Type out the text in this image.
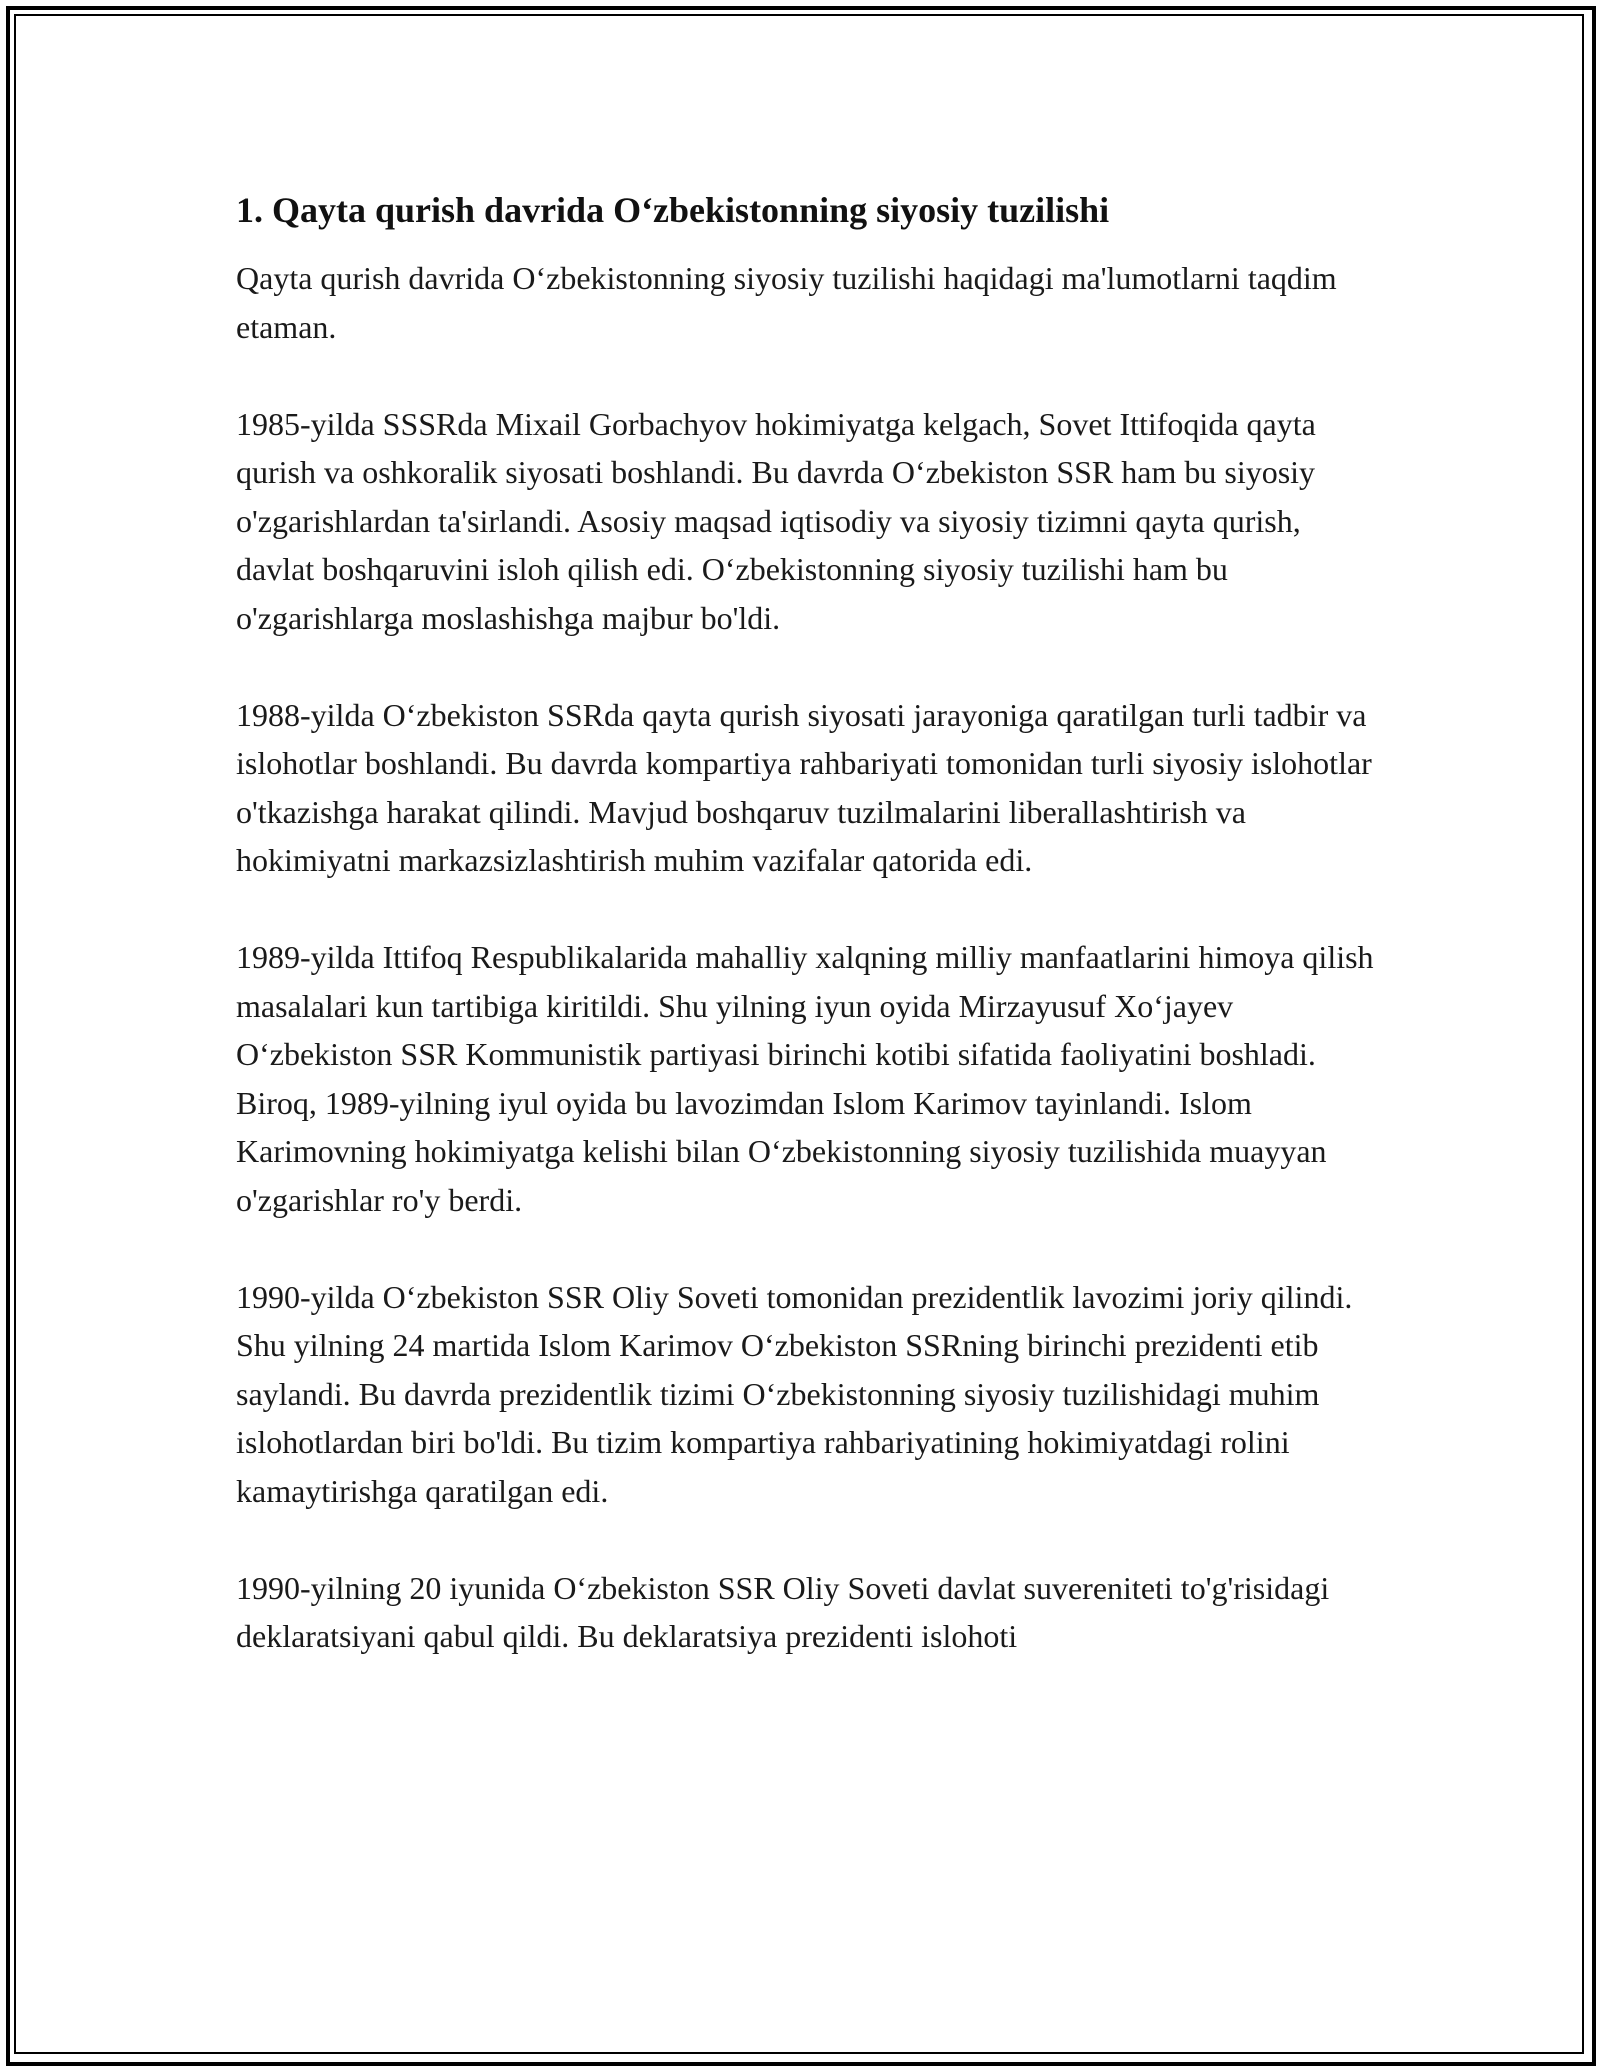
1. Qayta qurish davrida O‘zbekistonning siyosiy tuzilishi

Qayta qurish davrida O‘zbekistonning siyosiy tuzilishi haqidagi ma'lumotlarni taqdim etaman.

1985-yilda SSSRda Mixail Gorbachyov hokimiyatga kelgach, Sovet Ittifoqida qayta qurish va oshkoralik siyosati boshlandi. Bu davrda O‘zbekiston SSR ham bu siyosiy o'zgarishlardan ta'sirlandi. Asosiy maqsad iqtisodiy va siyosiy tizimni qayta qurish, davlat boshqaruvini isloh qilish edi. O‘zbekistonning siyosiy tuzilishi ham bu o'zgarishlarga moslashishga majbur bo'ldi.

1988-yilda O‘zbekiston SSRda qayta qurish siyosati jarayoniga qaratilgan turli tadbir va islohotlar boshlandi. Bu davrda kompartiya rahbariyati tomonidan turli siyosiy islohotlar o'tkazishga harakat qilindi. Mavjud boshqaruv tuzilmalarini liberallashtirish va hokimiyatni markazsizlashtirish muhim vazifalar qatorida edi.

1989-yilda Ittifoq Respublikalarida mahalliy xalqning milliy manfaatlarini himoya qilish masalalari kun tartibiga kiritildi. Shu yilning iyun oyida Mirzayusuf Xo‘jayev O‘zbekiston SSR Kommunistik partiyasi birinchi kotibi sifatida faoliyatini boshladi. Biroq, 1989-yilning iyul oyida bu lavozimdan Islom Karimov tayinlandi. Islom Karimovning hokimiyatga kelishi bilan O‘zbekistonning siyosiy tuzilishida muayyan o'zgarishlar ro'y berdi.

1990-yilda O‘zbekiston SSR Oliy Soveti tomonidan prezidentlik lavozimi joriy qilindi. Shu yilning 24 martida Islom Karimov O‘zbekiston SSRning birinchi prezidenti etib saylandi. Bu davrda prezidentlik tizimi O‘zbekistonning siyosiy tuzilishidagi muhim islohotlardan biri bo'ldi. Bu tizim kompartiya rahbariyatining hokimiyatdagi rolini kamaytirishga qaratilgan edi.

1990-yilning 20 iyunida O‘zbekiston SSR Oliy Soveti davlat suvereniteti to'g'risidagi deklaratsiyani qabul qildi. Bu deklaratsiya prezidenti islohoti
